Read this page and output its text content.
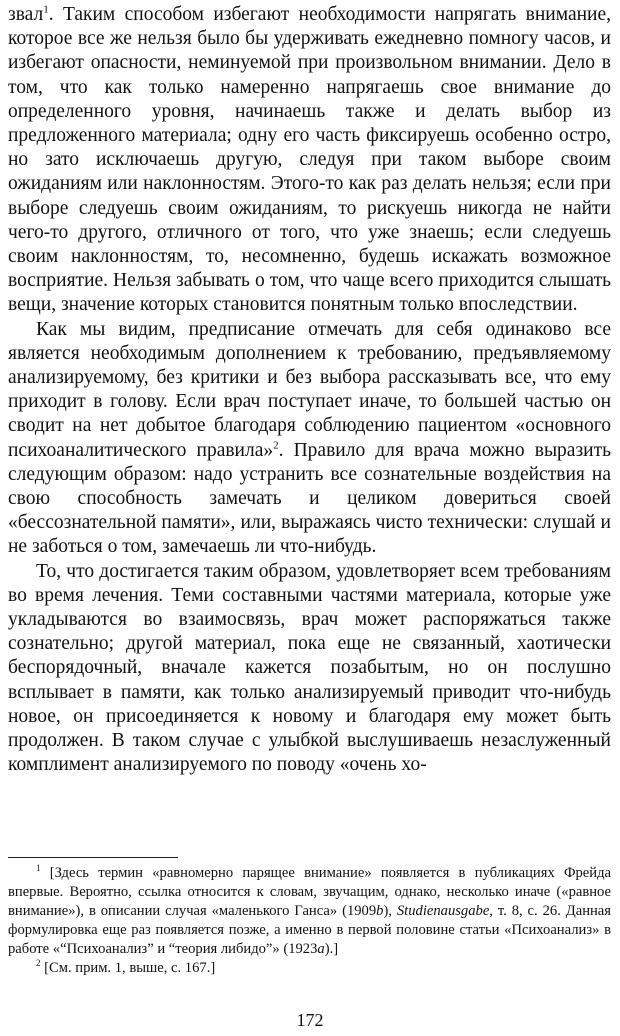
звал$^1$. Таким способом избегают необходимости напрягать внимание, которое все же нельзя было бы удерживать ежедневно помногу часов, и избегают опасности, неминуемой при произвольном внимании. Дело в том, что как только намеренно напрягаешь свое внимание до определенного уровня, начинаешь также и делать выбор из предложенного материала; одну его часть фиксируешь особенно остро, но зато исключаешь другую, следуя при таком выборе своим ожиданиям или наклонностям. Этого-то как раз делать нельзя; если при выборе следуешь своим ожиданиям, то рискуешь никогда не найти чего-то другого, отличного от того, что уже знаешь; если следуешь своим наклонностям, то, несомненно, будешь искажать возможное восприятие. Нельзя забывать о том, что чаще всего приходится слышать вещи, значение которых становится понятным только впоследствии.

Как мы видим, предписание отмечать для себя одинаково все является необходимым дополнением к требованию, предъявляемому анализируемому, без критики и без выбора рассказывать все, что ему приходит в голову. Если врач поступает иначе, то большей частью он сводит на нет добытое благодаря соблюдению пациентом «основного психоаналитического правила»$^2$. Правило для врача можно выразить следующим образом: надо устранить все сознательные воздействия на свою способность замечать и целиком довериться своей «бессознательной памяти», или, выражаясь чисто технически: слушай и не заботься о том, замечаешь ли что-нибудь.

То, что достигается таким образом, удовлетворяет всем требованиям во время лечения. Теми составными частями материала, которые уже укладываются во взаимосвязь, врач может распоряжаться также сознательно; другой материал, пока еще не связанный, хаотически беспорядочный, вначале кажется позабытым, но он послушно всплывает в памяти, как только анализируемый приводит что-нибудь новое, он присоединяется к новому и благодаря ему может быть продолжен. В таком случае с улыбкой выслушиваешь незаслуженный комплимент анализируемого по поводу «очень хо-

$^1$ [Здесь термин «равномерно парящее внимание» появляется в публикациях Фрейда впервые. Вероятно, ссылка относится к словам, звучащим, однако, несколько иначе («равное внимание»), в описании случая «маленького Ганса» (1909b), Studienausgabe, т. 8, с. 26. Данная формулировка еще раз появляется позже, а именно в первой половине статьи «Психоанализ» в работе «“Психоанализ” и “теория либидо”» (1923а).]

$^2$ [См. прим. 1, выше, с. 167.]

172
